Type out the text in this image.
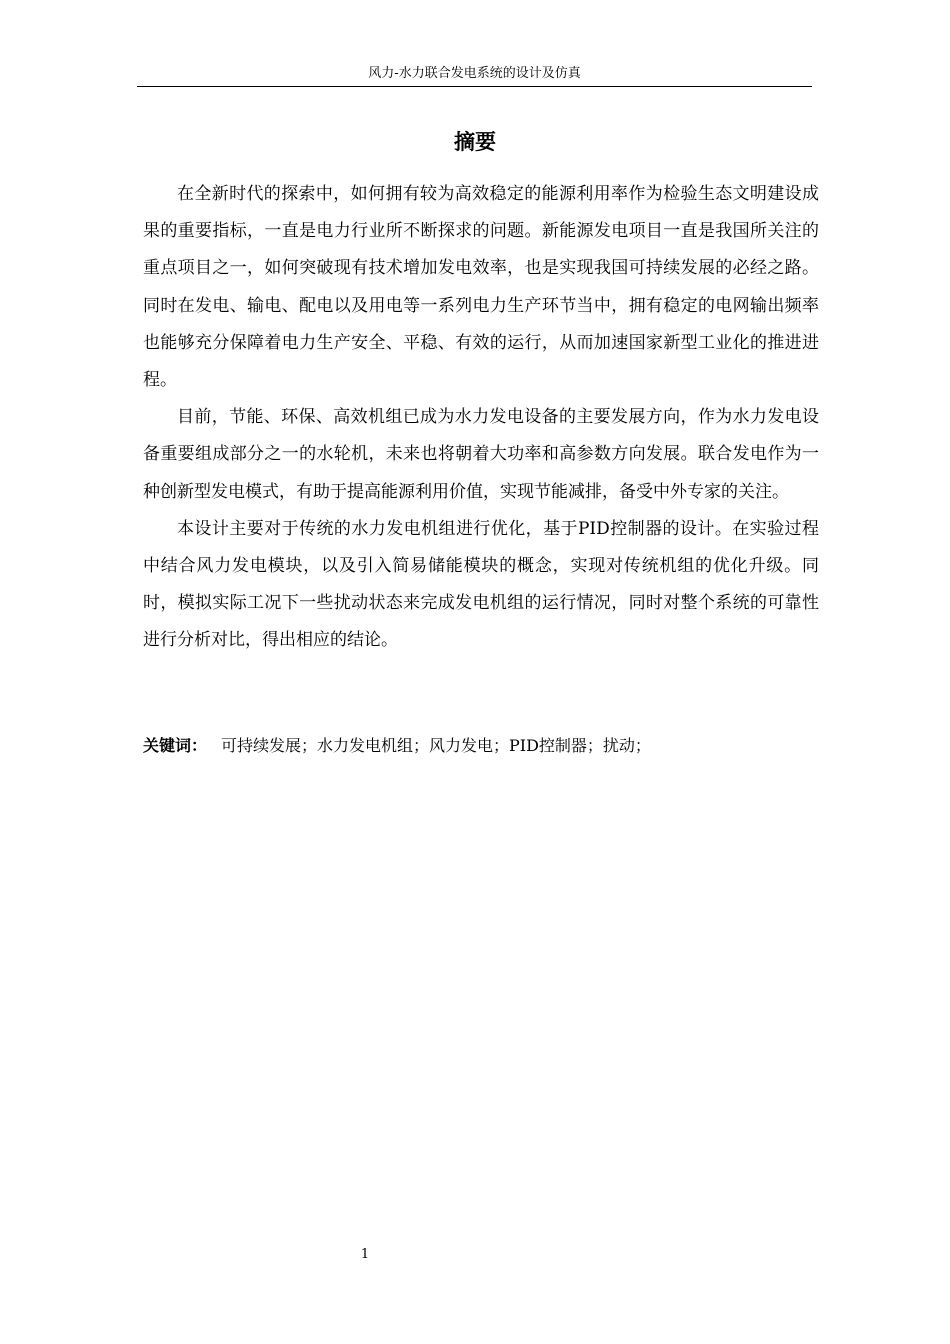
风力-水力联合发电系统的设计及仿真
摘要

在全新时代的探索中，如何拥有较为高效稳定的能源利用率作为检验生态文明建设成果的重要指标，一直是电力行业所不断探求的问题。新能源发电项目一直是我国所关注的重点项目之一，如何突破现有技术增加发电效率，也是实现我国可持续发展的必经之路。同时在发电、输电、配电以及用电等一系列电力生产环节当中，拥有稳定的电网输出频率也能够充分保障着电力生产安全、平稳、有效的运行，从而加速国家新型工业化的推进进程。

目前，节能、环保、高效机组已成为水力发电设备的主要发展方向，作为水力发电设备重要组成部分之一的水轮机，未来也将朝着大功率和高参数方向发展。联合发电作为一种创新型发电模式，有助于提高能源利用价值，实现节能减排，备受中外专家的关注。

本设计主要对于传统的水力发电机组进行优化，基于PID控制器的设计。在实验过程中结合风力发电模块，以及引入简易储能模块的概念，实现对传统机组的优化升级。同时，模拟实际工况下一些扰动状态来完成发电机组的运行情况，同时对整个系统的可靠性进行分析对比，得出相应的结论。

关键词： 可持续发展；水力发电机组；风力发电；PID控制器；扰动；
1
